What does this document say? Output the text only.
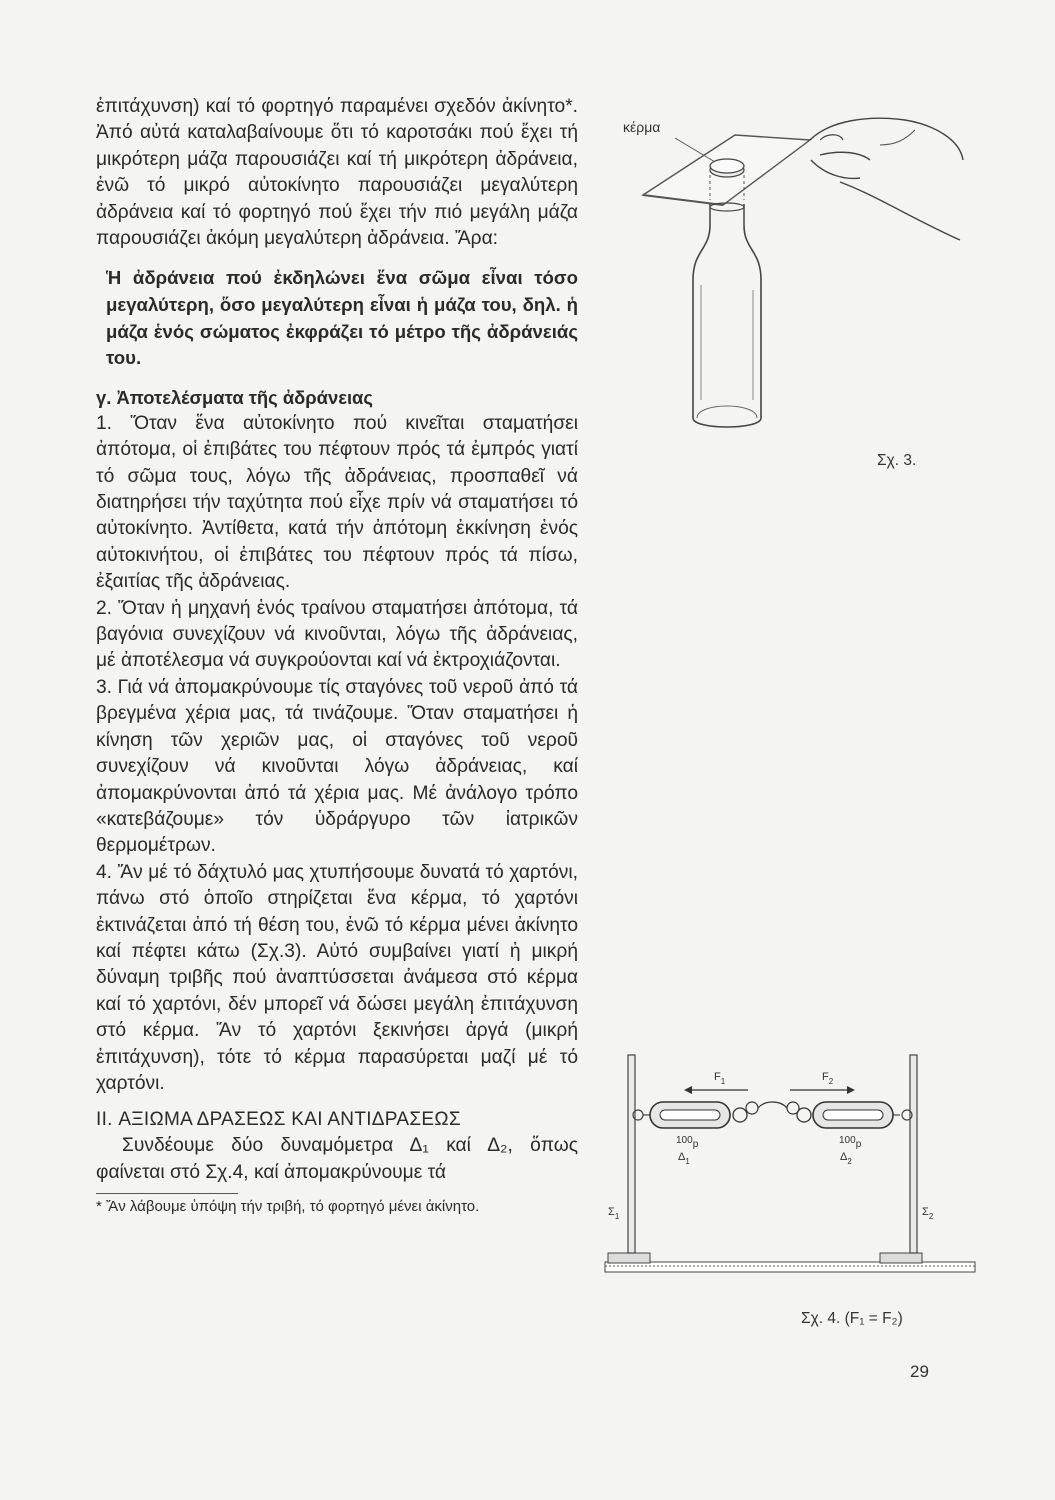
ἐπιτάχυνση) καί τό φορτηγό παραμένει σχεδόν ἀκίνητο*. Ἀπό αὐτά καταλαβαίνουμε ὅτι τό καροτσάκι πού ἔχει τή μικρότερη μάζα παρουσιάζει καί τή μικρότερη ἀδράνεια, ἐνῶ τό μικρό αὐτοκίνητο παρουσιάζει μεγαλύτερη ἀδράνεια καί τό φορτηγό πού ἔχει τήν πιό μεγάλη μάζα παρουσιάζει ἀκόμη μεγαλύτερη ἀδράνεια. Ἄρα:

Ἡ ἀδράνεια πού ἐκδηλώνει ἕνα σῶμα εἶναι τόσο μεγαλύτερη, ὅσο μεγαλύτερη εἶναι ἡ μάζα του, δηλ. ἡ μάζα ἑνός σώματος ἐκφράζει τό μέτρο τῆς ἀδράνειάς του.

γ. Ἀποτελέσματα τῆς ἀδράνειας

1. Ὅταν ἕνα αὐτοκίνητο πού κινεῖται σταματήσει ἀπότομα, οἱ ἐπιβάτες του πέφτουν πρός τά ἐμπρός γιατί τό σῶμα τους, λόγω τῆς ἀδράνειας, προσπαθεῖ νά διατηρήσει τήν ταχύτητα πού εἶχε πρίν νά σταματήσει τό αὐτοκίνητο. Ἀντίθετα, κατά τήν ἀπότομη ἐκκίνηση ἑνός αὐτοκινήτου, οἱ ἐπιβάτες του πέφτουν πρός τά πίσω, ἐξαιτίας τῆς ἀδράνειας.

2. Ὅταν ἡ μηχανή ἑνός τραίνου σταματήσει ἀπότομα, τά βαγόνια συνεχίζουν νά κινοῦνται, λόγω τῆς ἀδράνειας, μέ ἀποτέλεσμα νά συγκρούονται καί νά ἐκτροχιάζονται.

3. Γιά νά ἀπομακρύνουμε τίς σταγόνες τοῦ νεροῦ ἀπό τά βρεγμένα χέρια μας, τά τινάζουμε. Ὅταν σταματήσει ἡ κίνηση τῶν χεριῶν μας, οἱ σταγόνες τοῦ νεροῦ συνεχίζουν νά κινοῦνται λόγω ἀδράνειας, καί ἀπομακρύνονται ἀπό τά χέρια μας. Μέ ἀνάλογο τρόπο «κατεβάζουμε» τόν ὑδράργυρο τῶν ἰατρικῶν θερμομέτρων.

4. Ἄν μέ τό δάχτυλό μας χτυπήσουμε δυνατά τό χαρτόνι, πάνω στό ὁποῖο στηρίζεται ἕνα κέρμα, τό χαρτόνι ἐκτινάζεται ἀπό τή θέση του, ἐνῶ τό κέρμα μένει ἀκίνητο καί πέφτει κάτω (Σχ.3). Αὐτό συμβαίνει γιατί ἡ μικρή δύναμη τριβῆς πού ἀναπτύσσεται ἀνάμεσα στό κέρμα καί τό χαρτόνι, δέν μπορεῖ νά δώσει μεγάλη ἐπιτάχυνση στό κέρμα. Ἄν τό χαρτόνι ξεκινήσει ἀργά (μικρή ἐπιτάχυνση), τότε τό κέρμα παρασύρεται μαζί μέ τό χαρτόνι.

II. ΑΞΙΩΜΑ ΔΡΑΣΕΩΣ ΚΑΙ ΑΝΤΙΔΡΑΣΕΩΣ

Συνδέουμε δύο δυναμόμετρα Δ₁ καί Δ₂, ὅπως φαίνεται στό Σχ.4, καί ἀπομακρύνουμε τά

* Ἄν λάβουμε ὑπόψη τήν τριβή, τό φορτηγό μένει ἀκίνητο.

κέρμα
Σχ. 3.
$F_1$	$F_2$
100p	100p
$\Delta_1$	$\Delta_2$
$\Sigma_1$	$\Sigma_2$
Σχ. 4. (F₁ = F₂)
29
